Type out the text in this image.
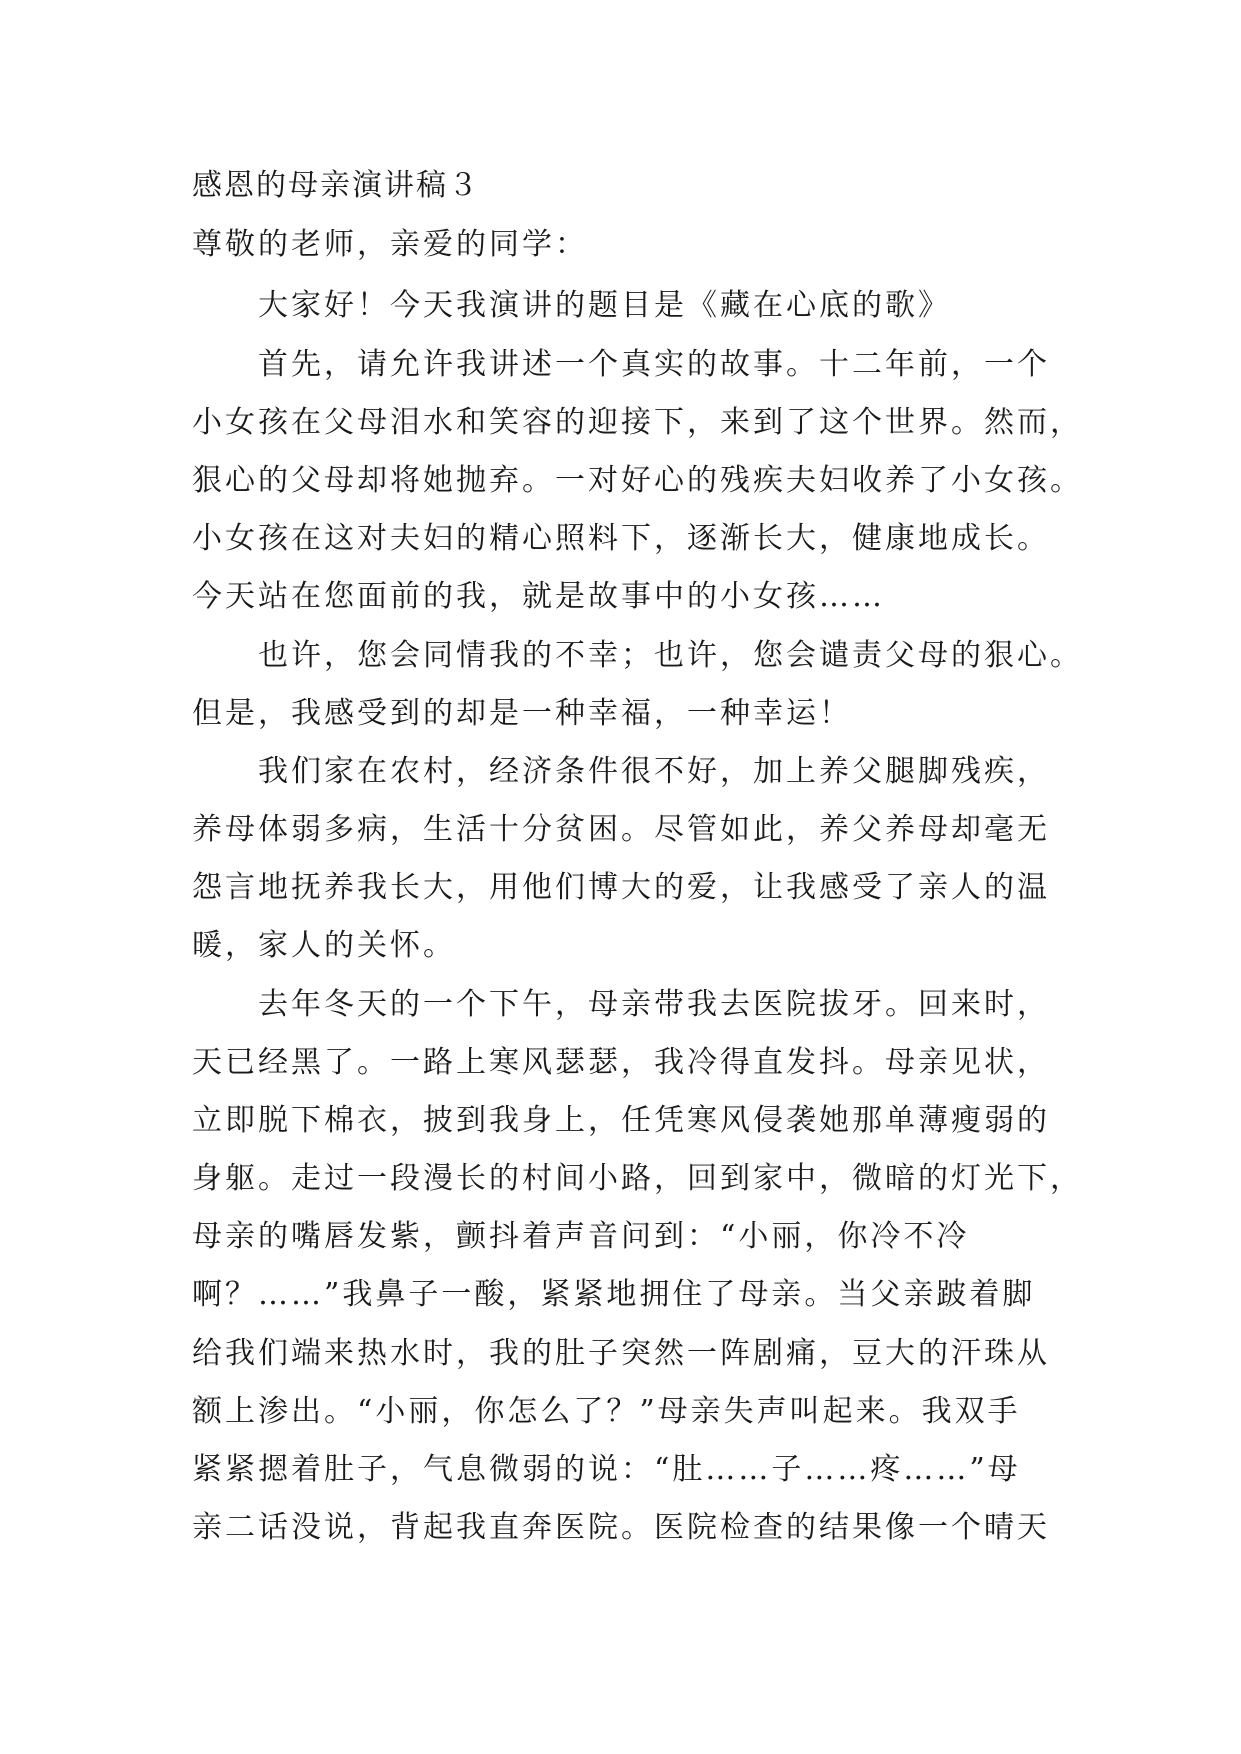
感恩的母亲演讲稿３

尊敬的老师，亲爱的同学：

大家好！今天我演讲的题目是《藏在心底的歌》

首先，请允许我讲述一个真实的故事。十二年前，一个

小女孩在父母泪水和笑容的迎接下，来到了这个世界。然而，

狠心的父母却将她抛弃。一对好心的残疾夫妇收养了小女孩。

小女孩在这对夫妇的精心照料下，逐渐长大，健康地成长。

今天站在您面前的我，就是故事中的小女孩……

也许，您会同情我的不幸；也许，您会谴责父母的狠心。

但是，我感受到的却是一种幸福，一种幸运！

我们家在农村，经济条件很不好，加上养父腿脚残疾，

养母体弱多病，生活十分贫困。尽管如此，养父养母却毫无

怨言地抚养我长大，用他们博大的爱，让我感受了亲人的温

暖，家人的关怀。

去年冬天的一个下午，母亲带我去医院拔牙。回来时，

天已经黑了。一路上寒风瑟瑟，我冷得直发抖。母亲见状，

立即脱下棉衣，披到我身上，任凭寒风侵袭她那单薄瘦弱的

身躯。走过一段漫长的村间小路，回到家中，微暗的灯光下，

母亲的嘴唇发紫，颤抖着声音问到：“小丽，你冷不冷

啊？……”我鼻子一酸，紧紧地拥住了母亲。当父亲跛着脚

给我们端来热水时，我的肚子突然一阵剧痛，豆大的汗珠从

额上渗出。“小丽，你怎么了？”母亲失声叫起来。我双手

紧紧摁着肚子，气息微弱的说：“肚……子……疼……”母

亲二话没说，背起我直奔医院。医院检查的结果像一个晴天
